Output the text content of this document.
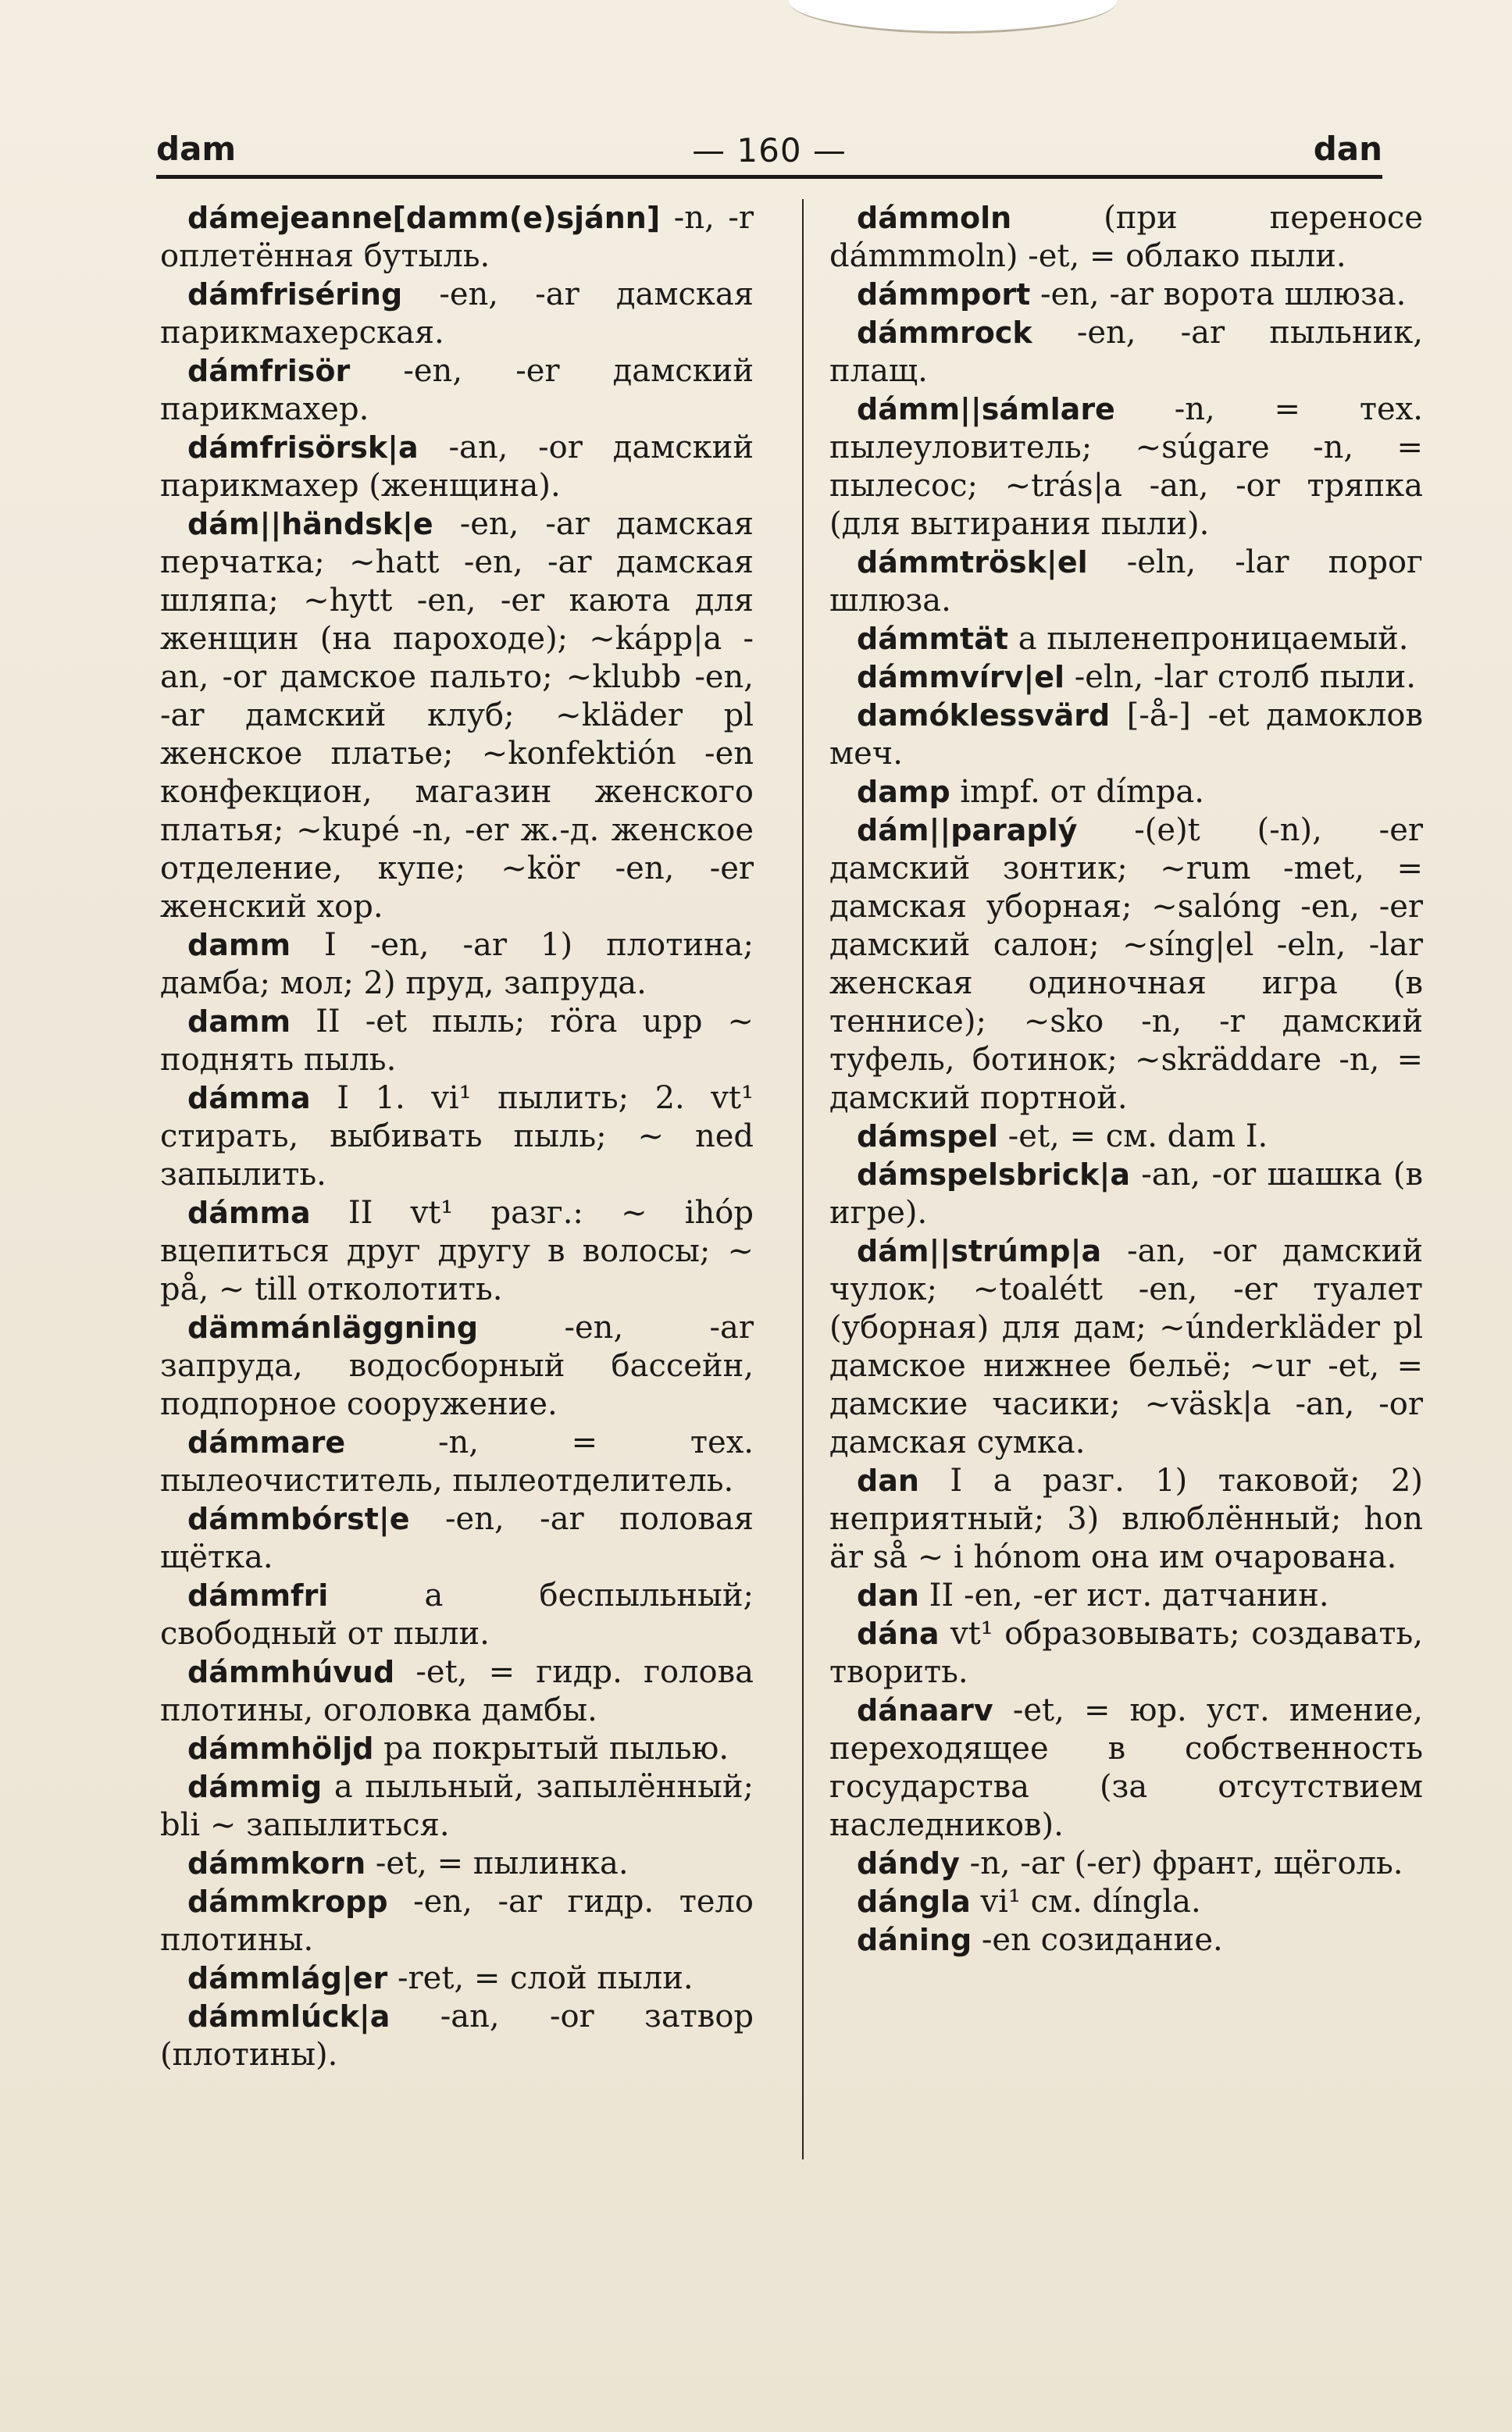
dam	— 160 —	dan

dámejeanne[damm(e)sjánn] -n, -r оплетённая бутыль.

dámfriséring -en, -ar дамская парикмахерская.

dámfrisör -en, -er дамский парикмахер.

dámfrisörsk|a -an, -or дамский парикмахер (женщина).

dám||händsk|e -en, -ar дамская перчатка; ~hatt -en, -ar дамская шляпа; ~hytt -en, -er каюта для женщин (на пароходе); ~kápp|a -an, -or дамское пальто; ~klubb -en, -ar дамский клуб; ~kläder pl женское платье; ~konfektión -en конфекцион, магазин женского платья; ~kupé -n, -er ж.-д. женское отделение, купе; ~kör -en, -er женский хор.

damm I -en, -ar 1) плотина; дамба; мол; 2) пруд, запруда.

damm II -et пыль; röra upp ~ поднять пыль.

dámma I 1. vi¹ пылить; 2. vt¹ стирать, выбивать пыль; ~ ned запылить.

dámma II vt¹ разг.: ~ ihóp вцепиться друг другу в волосы; ~ på, ~ till отколотить.

dämmánläggning -en, -ar запруда, водосборный бассейн, подпорное сооружение.

dámmare -n, = тех. пылеочиститель, пылеотделитель.

dámmbórst|e -en, -ar половая щётка.

dámmfri a беспыльный; свободный от пыли.

dámmhúvud -et, = гидр. голова плотины, оголовка дамбы.

dámmhöljd pa покрытый пылью.

dámmig a пыльный, запылённый; bli ~ запылиться.

dámmkorn -et, = пылинка.

dámmkropp -en, -ar гидр. тело плотины.

dámmlág|er -ret, = слой пыли.

dámmlúck|a -an, -or затвор (плотины).

dámmoln (при переносе dámmmoln) -et, = облако пыли.

dámmport -en, -ar ворота шлюза.

dámmrock -en, -ar пыльник, плащ.

dámm||sámlare -n, = тех. пылеуловитель; ~súgare -n, = пылесос; ~trás|a -an, -or тряпка (для вытирания пыли).

dámmtrösk|el -eln, -lar порог шлюза.

dámmtät a пыленепроницаемый.

dámmvírv|el -eln, -lar столб пыли.

damóklessvärd [-å-] -et дамоклов меч.

damp impf. от dímpa.

dám||paraplý -(e)t (-n), -er дамский зонтик; ~rum -met, = дамская уборная; ~salóng -en, -er дамский салон; ~síng|el -eln, -lar женская одиночная игра (в теннисе); ~sko -n, -r дамский туфель, ботинок; ~skräddare -n, = дамский портной.

dámspel -et, = см. dam I.

dámspelsbrick|a -an, -or шашка (в игре).

dám||strúmp|a -an, -or дамский чулок; ~toalétt -en, -er туалет (уборная) для дам; ~únderkläder pl дамское нижнее бельё; ~ur -et, = дамские часики; ~väsk|a -an, -or дамская сумка.

dan I a разг. 1) таковой; 2) неприятный; 3) влюблённый; hon är så ~ i hónom она им очарована.

dan II -en, -er ист. датчанин.

dána vt¹ образовывать; создавать, творить.

dánaarv -et, = юр. уст. имение, переходящее в собственность государства (за отсутствием наследников).

dándy -n, -ar (-er) франт, щёголь.

dángla vi¹ см. díngla.

dáning -en созидание.
